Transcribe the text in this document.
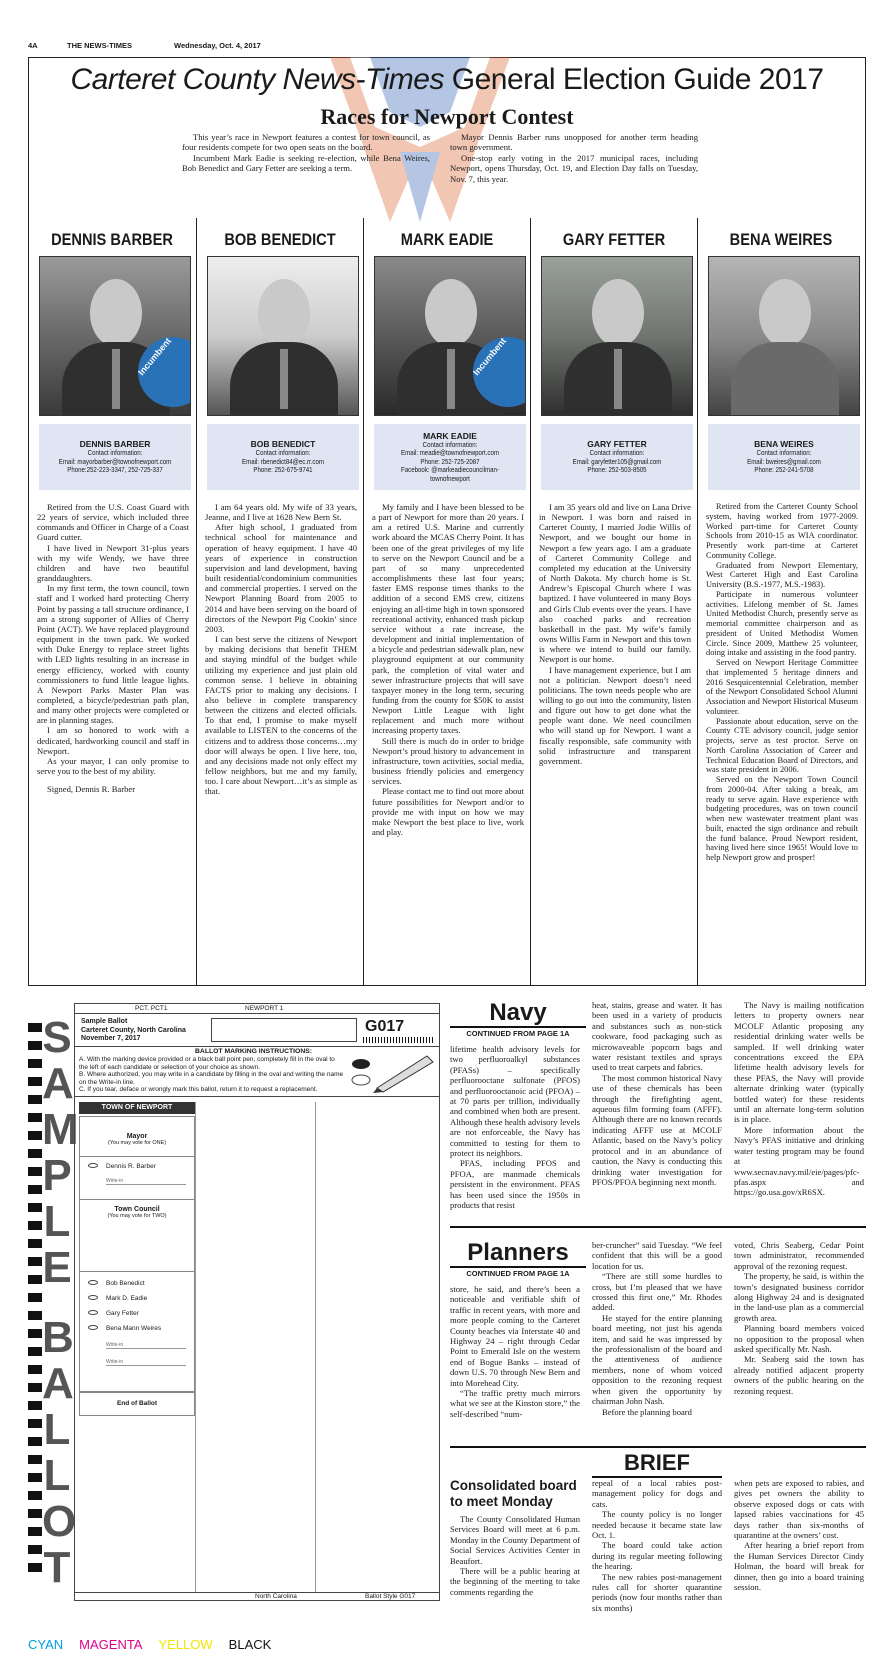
4A	THE NEWS-TIMES	Wednesday, Oct. 4, 2017
Carteret County News-Times General Election Guide 2017
Races for Newport Contest

This year’s race in Newport features a contest for town council, as four residents compete for two open seats on the board.

Incumbent Mark Eadie is seeking re-election, while Bena Weires, Bob Benedict and Gary Fetter are seeking a term.

Mayor Dennis Barber runs unopposed for another term heading town government.

One-stop early voting in the 2017 municipal races, including Newport, opens Thursday, Oct. 19, and Election Day falls on Tuesday, Nov. 7, this year.

DENNIS BARBER
Incumbent
DENNIS BARBER
Contact information:
Email: mayorbarber@townofnewport.com
Phone:252-223-3347, 252-725-337

Retired from the U.S. Coast Guard with 22 years of service, which included three commands and Officer in Charge of a Coast Guard cutter.

I have lived in Newport 31-plus years with my wife Wendy, we have three children and have two beautiful granddaughters.

In my first term, the town council, town staff and I worked hard protecting Cherry Point by passing a tall structure ordinance, I am a strong supporter of Allies of Cherry Point (ACT). We have replaced playground equipment in the town park. We worked with Duke Energy to replace street lights with LED lights resulting in an increase in energy efficiency, worked with county commissioners to fund little league lights. A Newport Parks Master Plan was completed, a bicycle/pedestrian path plan, and many other projects were completed or are in planning stages.

I am so honored to work with a dedicated, hardworking council and staff in Newport.

As your mayor, I can only promise to serve you to the best of my ability.

Signed, Dennis R. Barber

BOB BENEDICT
BOB BENEDICT
Contact information:
Email: rbenedict84@ec.rr.com
Phone: 252-675-9741

I am 64 years old. My wife of 33 years, Jeanne, and I live at 1628 New Bern St.

After high school, I graduated from technical school for maintenance and operation of heavy equipment. I have 40 years of experience in construction supervision and land development, having built residential/condominium communities and commercial properties. I served on the Newport Planning Board from 2005 to 2014 and have been serving on the board of directors of the Newport Pig Cookin’ since 2003.

I can best serve the citizens of Newport by making decisions that benefit THEM and staying mindful of the budget while utilizing my experience and just plain old common sense. I believe in obtaining FACTS prior to making any decisions. I also believe in complete transparency between the citizens and elected officials. To that end, I promise to make myself available to LISTEN to the concerns of the citizens and to address those concerns…my door will always be open. I live here, too, and any decisions made not only effect my fellow neighbors, but me and my family, too. I care about Newport…it’s as simple as that.

MARK EADIE
Incumbent
MARK EADIE
Contact information:
Email: meadie@townofnewport.com
Phone: 252-725-2087
Facebook: @markeadiecouncilman-
townofnewport

My family and I have been blessed to be a part of Newport for more than 20 years. I am a retired U.S. Marine and currently work aboard the MCAS Cherry Point. It has been one of the great privileges of my life to serve on the Newport Council and be a part of so many unprecedented accomplishments these last four years; faster EMS response times thanks to the addition of a second EMS crew, citizens enjoying an all-time high in town sponsored recreational activity, enhanced trash pickup service without a rate increase, the development and initial implementation of a bicycle and pedestrian sidewalk plan, new playground equipment at our community park, the completion of vital water and sewer infrastructure projects that will save taxpayer money in the long term, securing funding from the county for $50K to assist Newport Little League with light replacement and much more without increasing property taxes.

Still there is much do in order to bridge Newport’s proud history to advancement in infrastructure, town activities, social media, business friendly policies and emergency services.

Please contact me to find out more about future possibilities for Newport and/or to provide me with input on how we may make Newport the best place to live, work and play.

GARY FETTER
GARY FETTER
Contact information:
Email: garyfetter105@gmail.com
Phone: 252-503-8505

I am 35 years old and live on Lana Drive in Newport. I was born and raised in Carteret County, I married Jodie Willis of Newport, and we bought our home in Newport a few years ago. I am a graduate of Carteret Community College and completed my education at the University of North Dakota. My church home is St. Andrew’s Episcopal Church where I was baptized. I have volunteered in many Boys and Girls Club events over the years. I have also coached parks and recreation basketball in the past. My wife’s family owns Willis Farm in Newport and this town is where we intend to build our family. Newport is our home.

I have management experience, but I am not a politician. Newport doesn’t need politicians. The town needs people who are willing to go out into the community, listen and figure out how to get done what the people want done. We need councilmen who will stand up for Newport. I want a fiscally responsible, safe community with solid infrastructure and transparent government.

BENA WEIRES
BENA WEIRES
Contact information:
Email: bweires@gmail.com
Phone: 252-241-5708

Retired from the Carteret County School system, having worked from 1977-2009. Worked part-time for Carteret County Schools from 2010-15 as WIA coordinator. Presently work part-time at Carteret Community College.

Graduated from Newport Elementary, West Carteret High and East Carolina University (B.S.-1977, M.S.-1983).

Participate in numerous volunteer activities. Lifelong member of St. James United Methodist Church, presently serve as memorial committee chairperson and as president of United Methodist Women Circle. Since 2009, Matthew 25 volunteer, doing intake and assisting in the food pantry.

Served on Newport Heritage Committee that implemented 5 heritage dinners and 2016 Sesquicentennial Celebration, member of the Newport Consolidated School Alumni Association and Newport Historical Museum volunteer.

Passionate about education, serve on the County CTE advisory council, judge senior projects, serve as test proctor. Serve on North Carolina Association of Career and Technical Education Board of Directors, and was state president in 2006.

Served on the Newport Town Council from 2000-04. After taking a break, am ready to serve again. Have experience with budgeting procedures, was on town council when new wastewater treatment plant was built, enacted the sign ordinance and rebuilt the fund balance. Proud Newport resident, having lived here since 1965! Would love to help Newport grow and prosper!

S
A
M
P
L
E
B
A
L
L
O
T
PCT. PCT1	NEWPORT 1
Sample Ballot
Carteret County, North Carolina
November 7, 2017
G017
BALLOT MARKING INSTRUCTIONS:
A. With the marking device provided or a black ball point pen, completely fill in the oval to the left of each candidate or selection of your choice as shown.
B. Where authorized, you may write in a candidate by filling in the oval and writing the name on the Write-in line.
C. If you tear, deface or wrongly mark this ballot, return it to request a replacement.
TOWN OF NEWPORT
Mayor
(You may vote for ONE)
Dennis R. Barber
Write-in
Town Council
(You may vote for TWO)
Bob Benedict
Mark D. Eadie
Gary Fetter
Bena Mann Weires
Write-in
Write-in
End of Ballot
North Carolina	Ballot Style G017
Navy
CONTINUED FROM PAGE 1A

lifetime health advisory levels for two perfluoroalkyl substances (PFASs) – specifically perfluorooctane sulfonate (PFOS) and perfluorooctanoic acid (PFOA) – at 70 parts per trillion, individually and combined when both are present. Although these health advisory levels are not enforceable, the Navy has committed to testing for them to protect its neighbors.

PFAS, including PFOS and PFOA, are manmade chemicals persistent in the environment. PFAS has been used since the 1950s in products that resist

heat, stains, grease and water. It has been used in a variety of products and substances such as non-stick cookware, food packaging such as microwaveable popcorn bags and water resistant textiles and sprays used to treat carpets and fabrics.

The most common historical Navy use of these chemicals has been through the firefighting agent, aqueous film forming foam (AFFF). Although there are no known records indicating AFFF use at MCOLF Atlantic, based on the Navy’s policy protocol and in an abundance of caution, the Navy is conducting this drinking water investigation for PFOS/PFOA beginning next month.

The Navy is mailing notification letters to property owners near MCOLF Atlantic proposing any residential drinking water wells be sampled. If well drinking water concentrations exceed the EPA lifetime health advisory levels for these PFAS, the Navy will provide alternate drinking water (typically bottled water) for these residents until an alternate long-term solution is in place.

More information about the Navy’s PFAS initiative and drinking water testing program may be found at www.secnav.navy.mil/eie/pages/pfc-pfas.aspx and https://go.usa.gov/xR6SX.

Planners
CONTINUED FROM PAGE 1A

store, he said, and there’s been a noticeable and verifiable shift of traffic in recent years, with more and more people coming to the Carteret County beaches via Interstate 40 and Highway 24 – right through Cedar Point to Emerald Isle on the western end of Bogue Banks – instead of down U.S. 70 through New Bern and into Morehead City.

“The traffic pretty much mirrors what we see at the Kinston store,” the self-described “num-

ber-cruncher” said Tuesday. “We feel confident that this will be a good location for us.

“There are still some hurdles to cross, but I’m pleased that we have crossed this first one,” Mr. Rhodes added.

He stayed for the entire planning board meeting, not just his agenda item, and said he was impressed by the professionalism of the board and the attentiveness of audience members, none of whom voiced opposition to the rezoning request when given the opportunity by chairman John Nash.

Before the planning board

voted, Chris Seaberg, Cedar Point town administrator, recommended approval of the rezoning request.

The property, he said, is within the town’s designated business corridor along Highway 24 and is designated in the land-use plan as a commercial growth area.

Planning board members voiced no opposition to the proposal when asked specifically Mr. Nash.

Mr. Seaberg said the town has already notified adjacent property owners of the public hearing on the rezoning request.

BRIEF
Consolidated board to meet Monday

The County Consolidated Human Services Board will meet at 6 p.m. Monday in the County Department of Social Services Activities Center in Beaufort.

There will be a public hearing at the beginning of the meeting to take comments regarding the

repeal of a local rabies post-management policy for dogs and cats.

The county policy is no longer needed because it became state law Oct. 1.

The board could take action during its regular meeting following the hearing.

The new rabies post-management rules call for shorter quarantine periods (now four months rather than six months)

when pets are exposed to rabies, and gives pet owners the ability to observe exposed dogs or cats with lapsed rabies vaccinations for 45 days rather than six-months of quarantine at the owners’ cost.

After hearing a brief report from the Human Services Director Cindy Holman, the board will break for dinner, then go into a board training session.

CYAN MAGENTA YELLOW BLACK
